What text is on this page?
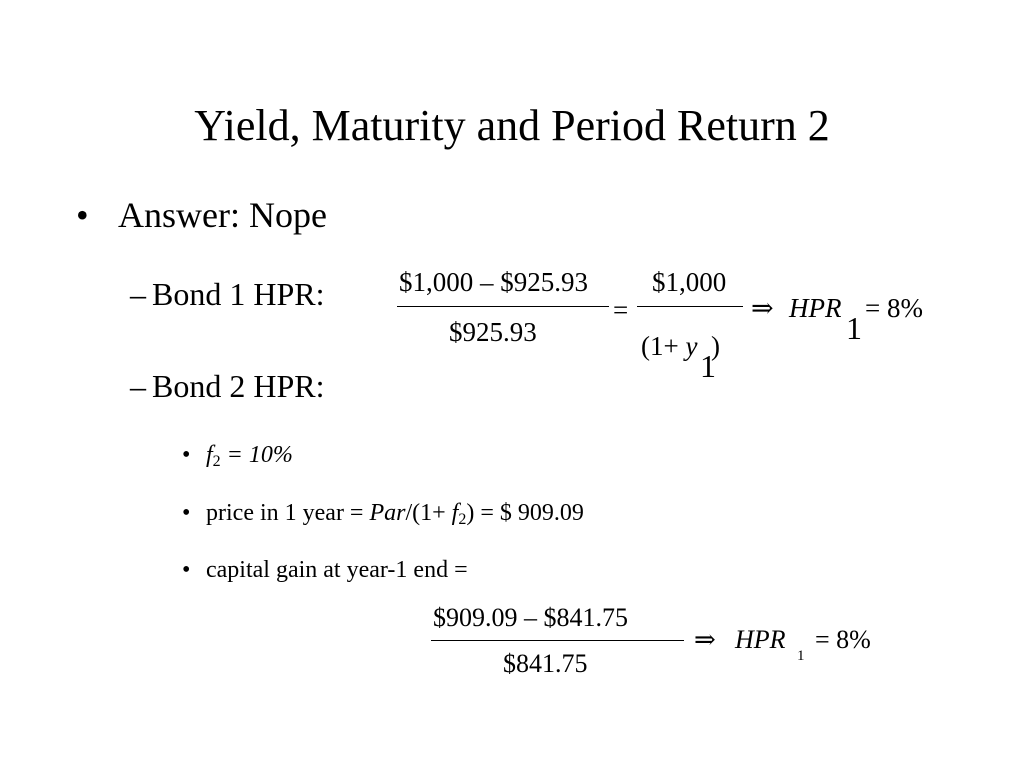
Yield, Maturity and Period Return 2
• Answer: Nope
– Bond 1 HPR:	$1,000 – $925.93
$925.93
=
$1,000
(1+ y )
1
⇒ HPR
1
= 8%
– Bond 2 HPR:
• $f_2 = 10\%$
• price in 1 year = $Par/(1+ f_2)$ = $ 909.09
• capital gain at year-1 end =
$909.09 – $841.75
$841.75
⇒ HPR
1
= 8%
